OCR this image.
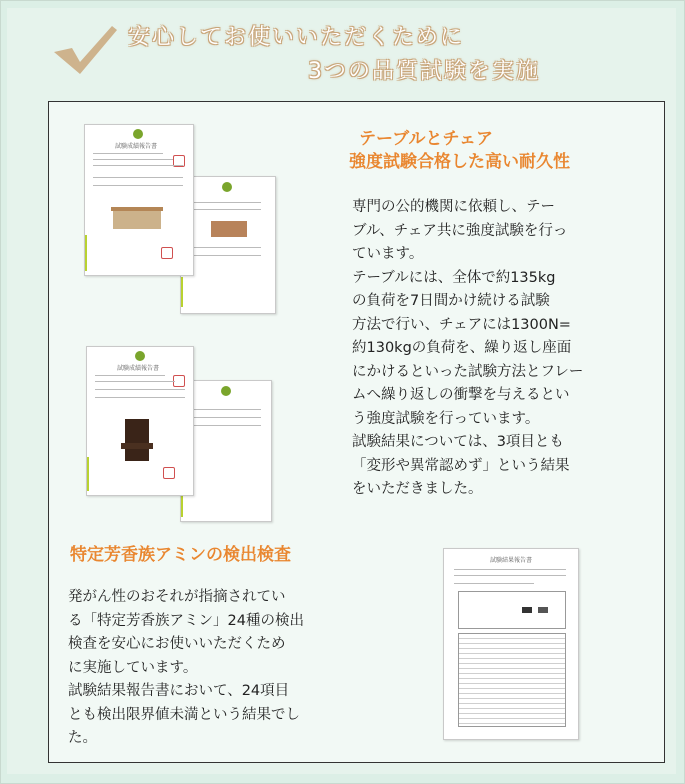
安心してお使いいただくために
3つの品質試験を実施
試験成績報告書
試験成績報告書
試験結果報告書
テーブルとチェア
強度試験合格した高い耐久性
専門の公的機関に依頼し、テー
ブル、チェア共に強度試験を行っ
ています。
テーブルには、全体で約135kg
の負荷を7日間かけ続ける試験
方法で行い、チェアには1300N=
約130kgの負荷を、繰り返し座面
にかけるといった試験方法とフレー
ムへ繰り返しの衝撃を与えるとい
う強度試験を行っています。
試験結果については、3項目とも
「変形や異常認めず」という結果
をいただきました。
特定芳香族アミンの検出検査
発がん性のおそれが指摘されてい
る「特定芳香族アミン」24種の検出
検査を安心にお使いいただくため
に実施しています。
試験結果報告書において、24項目
とも検出限界値未満という結果でし
た。
